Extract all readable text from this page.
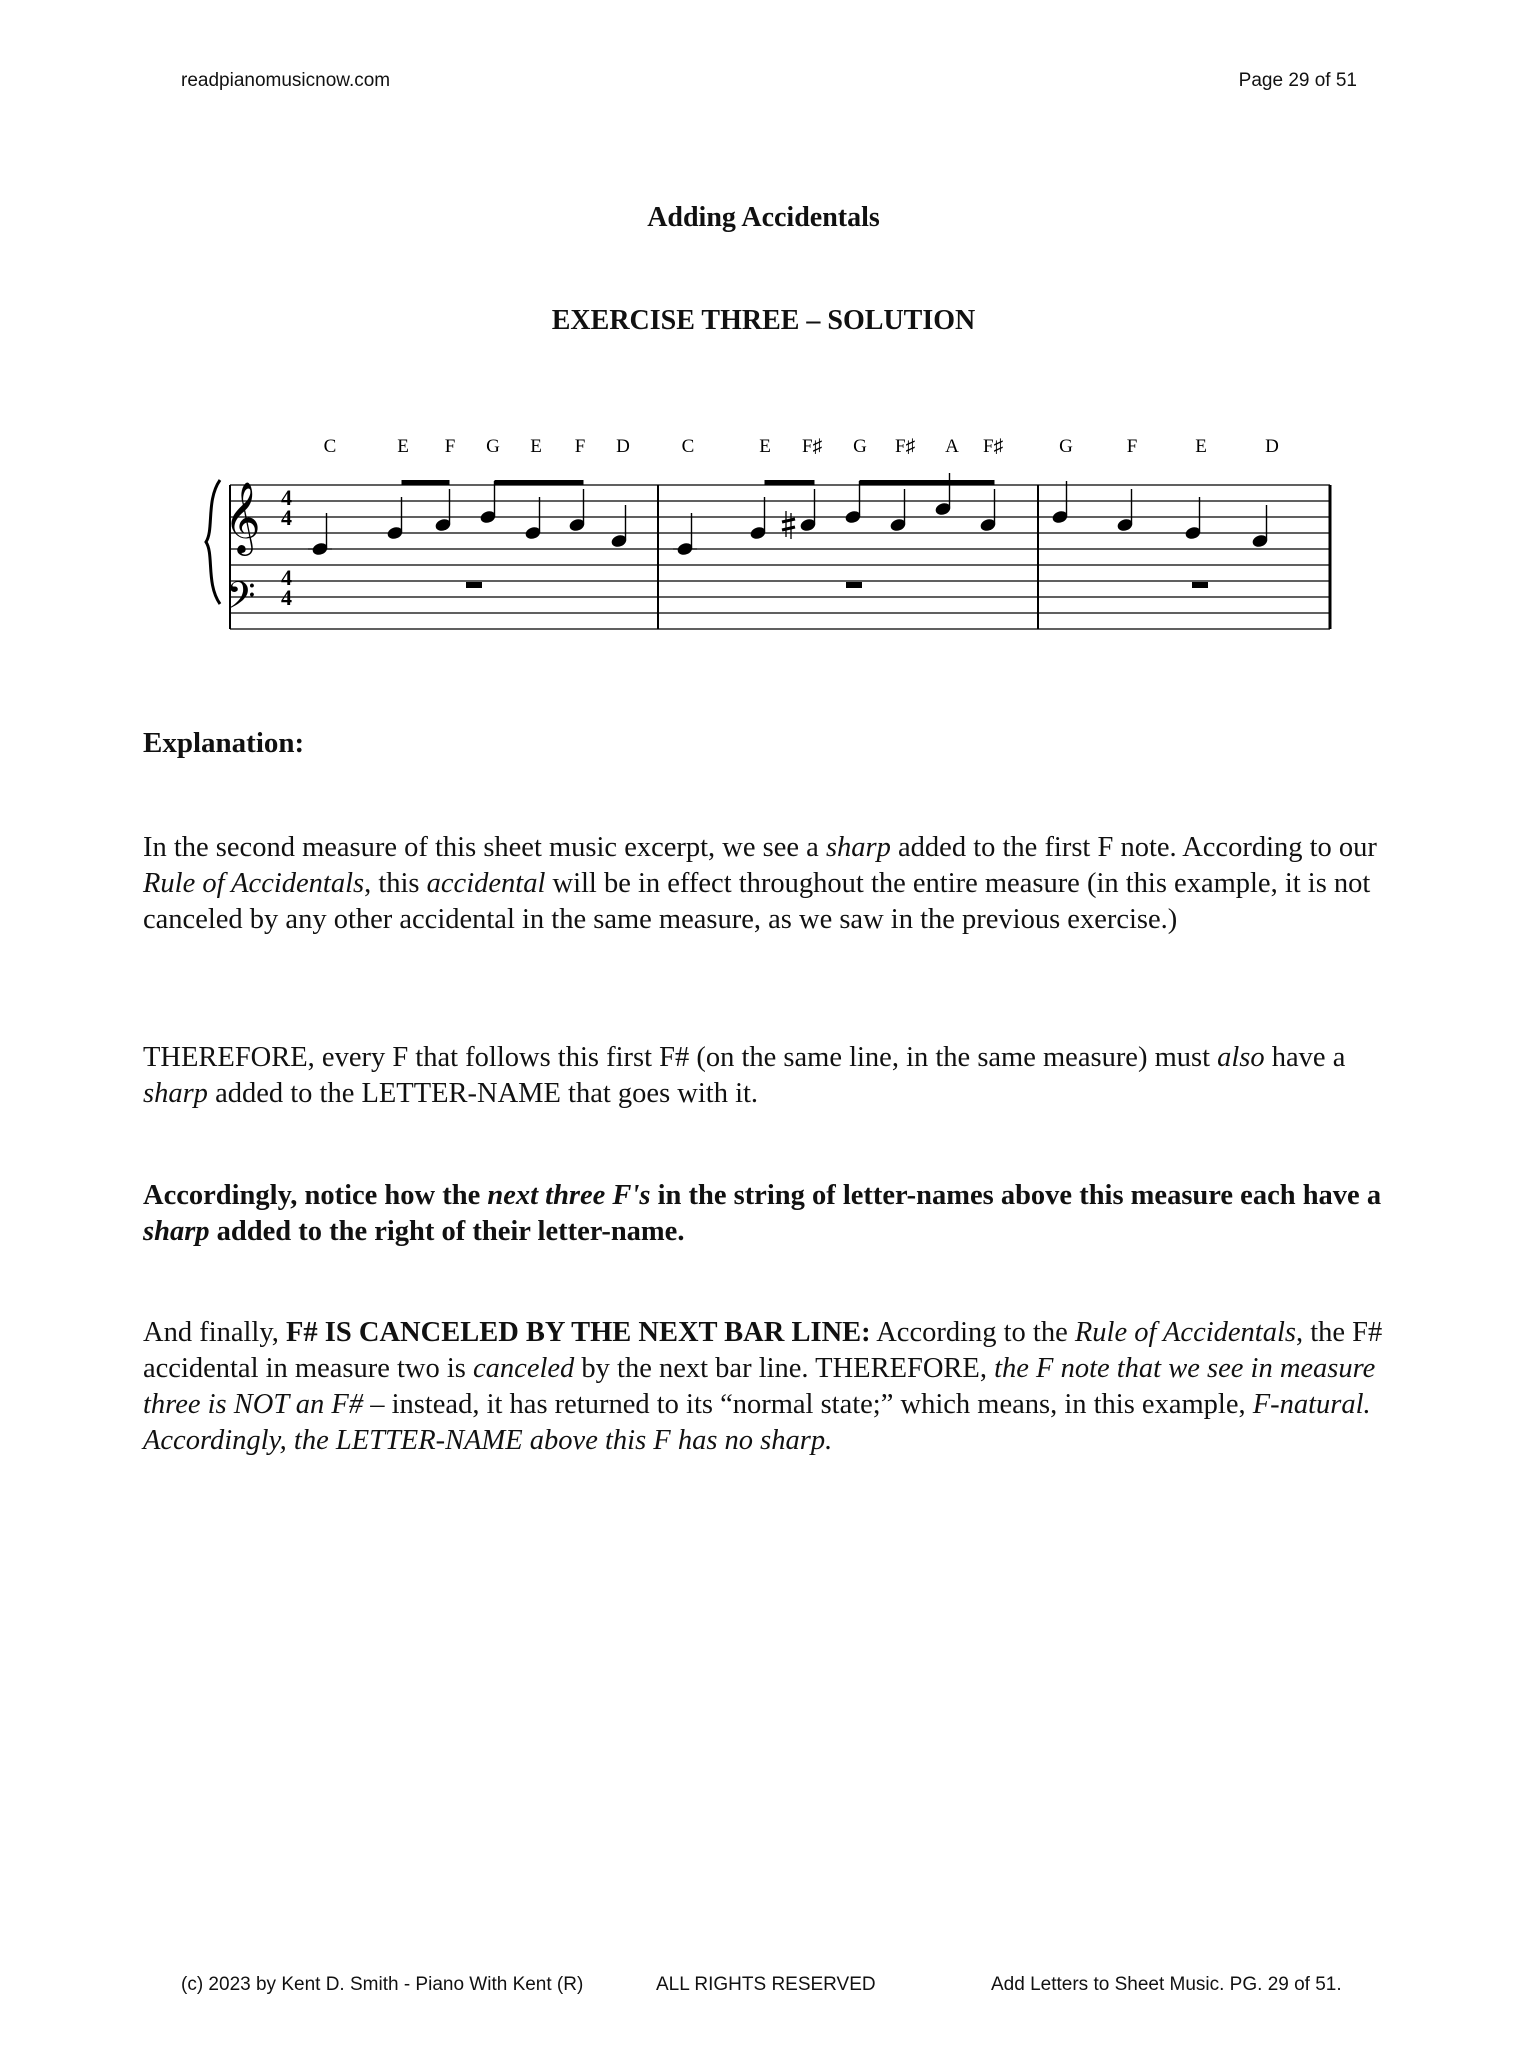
readpianomusicnow.com	Page 29 of 51
Adding Accidentals
EXERCISE THREE – SOLUTION
C	E F G E F D	C	E F♯ G F♯ A F♯	G	F	E	D
𝄞
𝄢
4
4
4
4
Explanation:
In the second measure of this sheet music excerpt, we see a sharp added to the first F note. According to our Rule of Accidentals, this accidental will be in effect throughout the entire measure (in this example, it is not canceled by any other accidental in the same measure, as we saw in the previous exercise.)
THEREFORE, every F that follows this first F# (on the same line, in the same measure) must also have a sharp added to the LETTER-NAME that goes with it.
Accordingly, notice how the next three F's in the string of letter-names above this measure each have a sharp added to the right of their letter-name.
And finally, F# IS CANCELED BY THE NEXT BAR LINE: According to the Rule of Accidentals, the F# accidental in measure two is canceled by the next bar line. THEREFORE, the F note that we see in measure three is NOT an F# – instead, it has returned to its “normal state;” which means, in this example, F-natural. Accordingly, the LETTER-NAME above this F has no sharp.
(c) 2023 by Kent D. Smith - Piano With Kent (R)	ALL RIGHTS RESERVED	Add Letters to Sheet Music. PG. 29 of 51.
